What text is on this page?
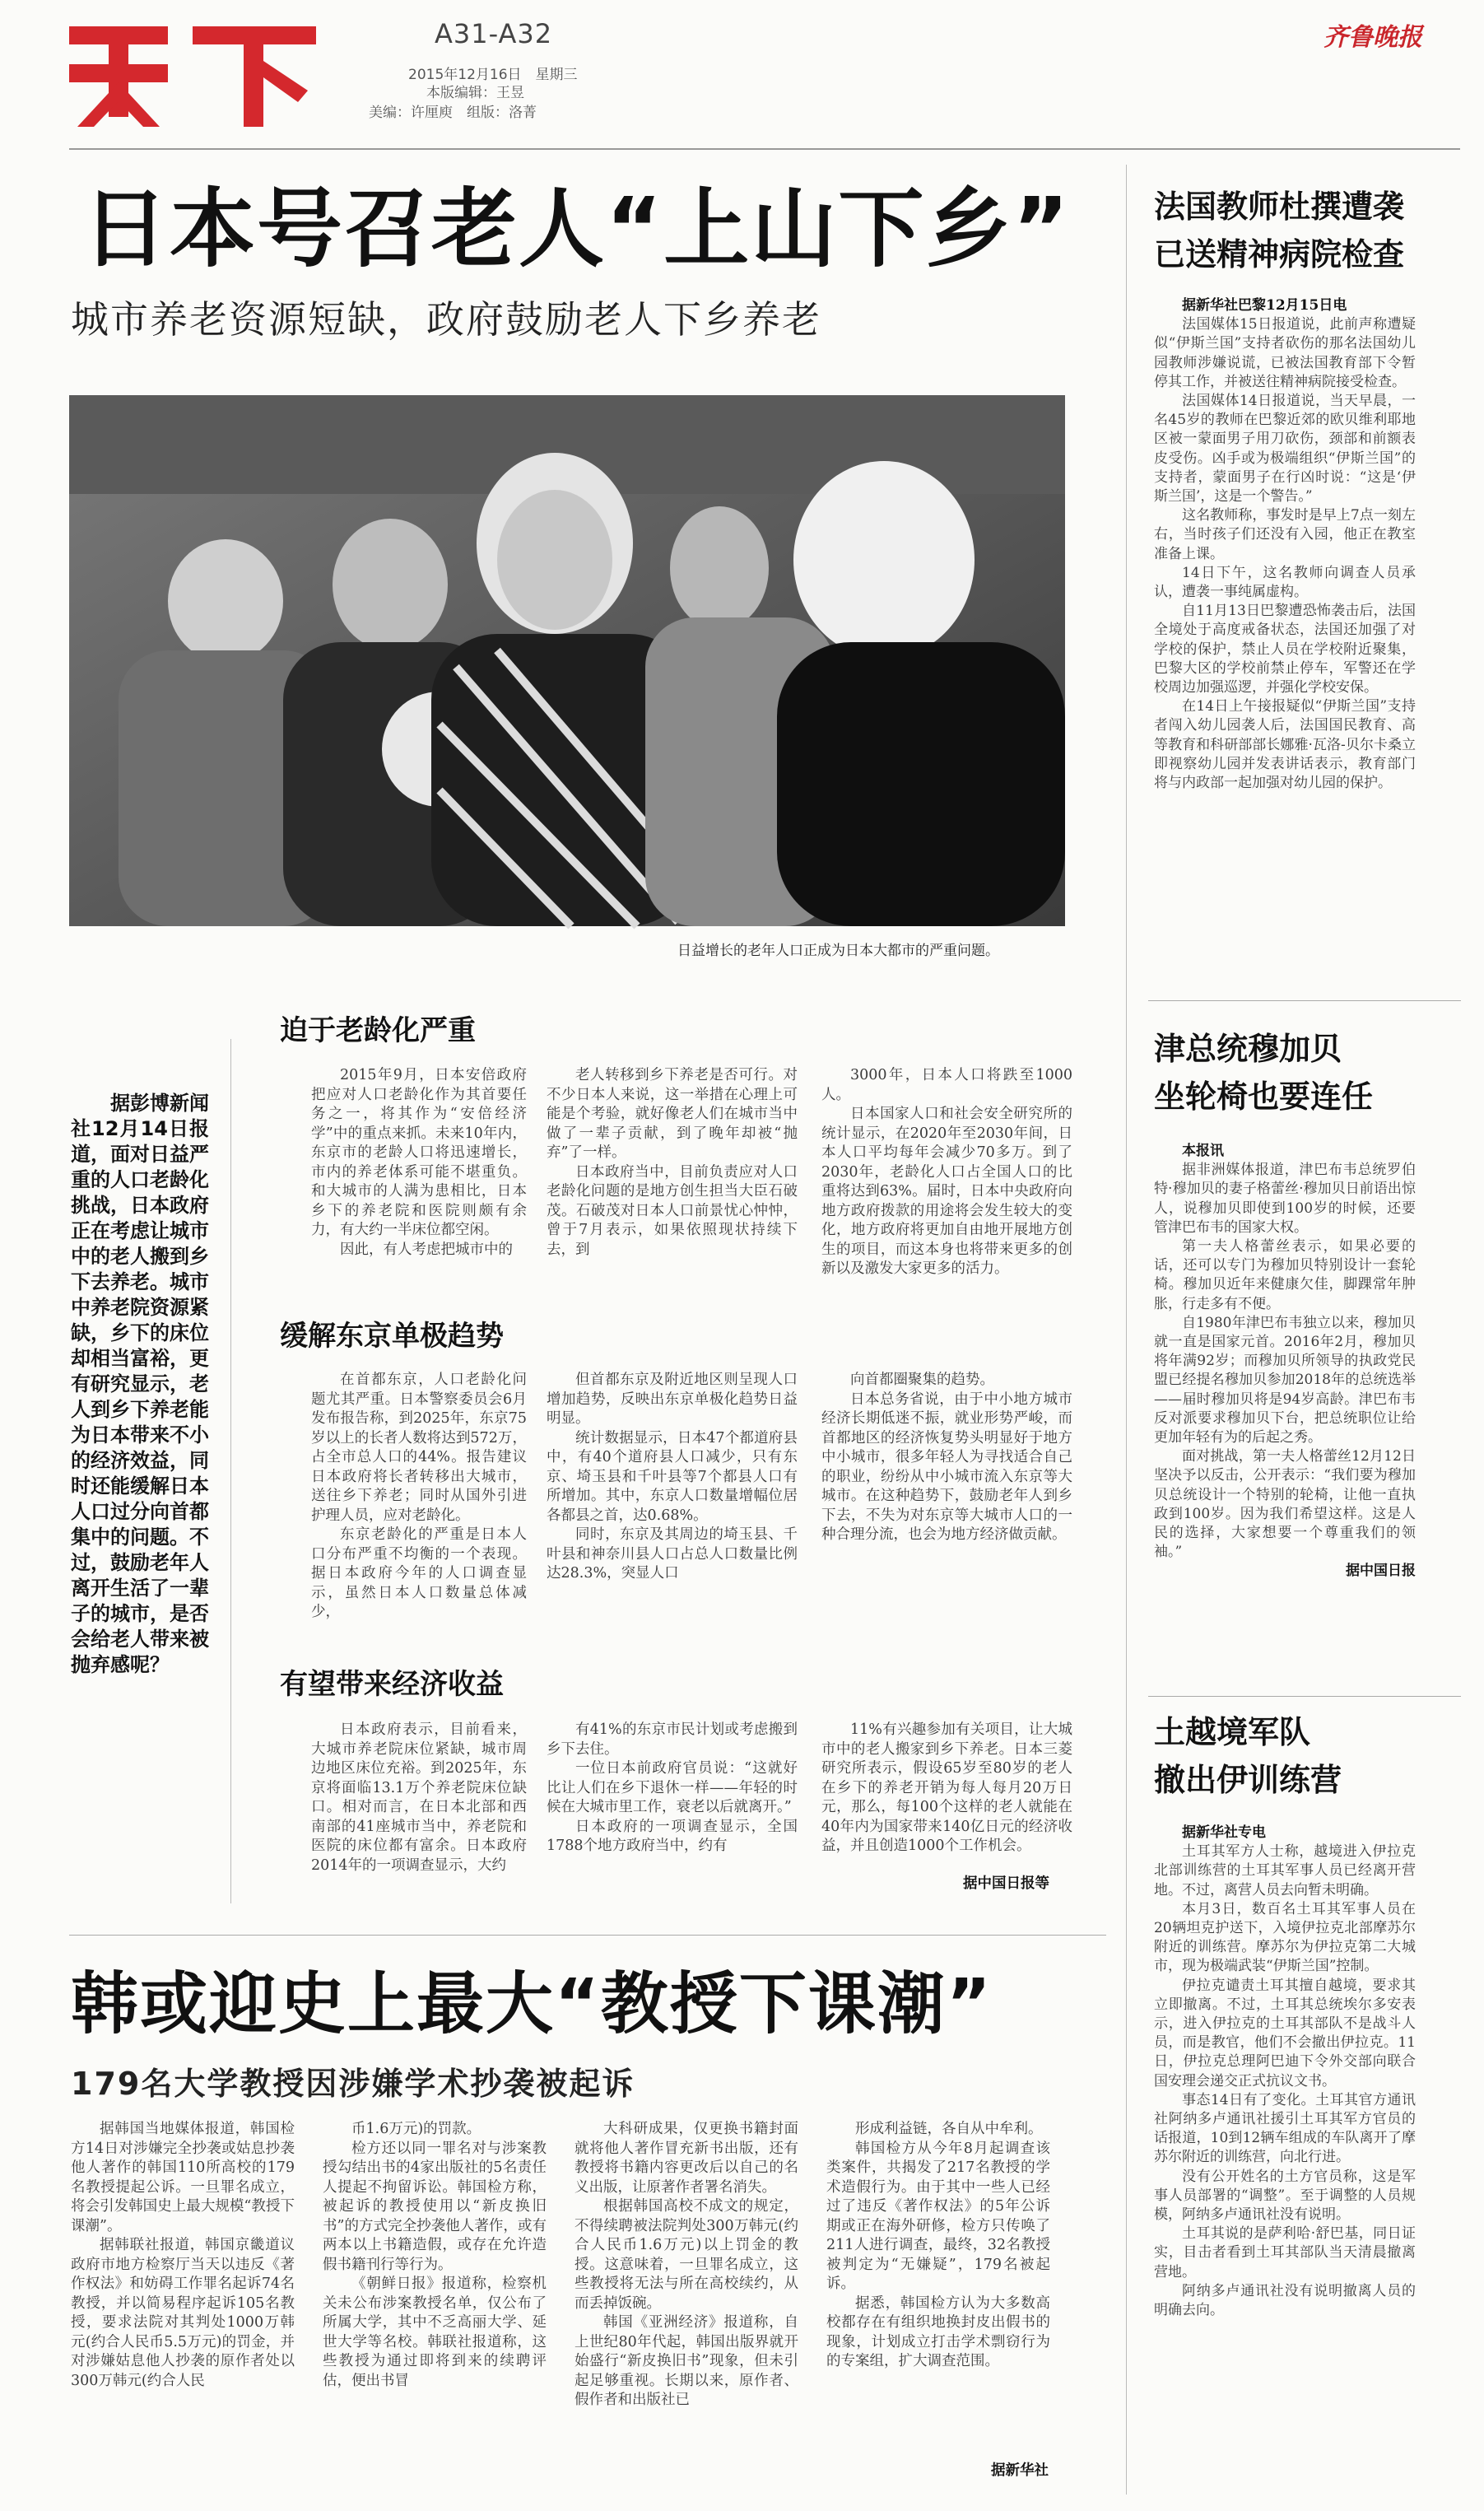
A31-A32
2015年12月16日　星期三
本版编辑：王昱
美编：许厘庾　组版：洛菁
齐鲁晚报
日本号召老人“上山下乡”
城市养老资源短缺，政府鼓励老人下乡养老
日益增长的老年人口正成为日本大都市的严重问题。

据彭博新闻社12月14日报道，面对日益严重的人口老龄化挑战，日本政府正在考虑让城市中的老人搬到乡下去养老。城市中养老院资源紧缺，乡下的床位却相当富裕，更有研究显示，老人到乡下养老能为日本带来不小的经济效益，同时还能缓解日本人口过分向首都集中的问题。不过，鼓励老年人离开生活了一辈子的城市，是否会给老人带来被抛弃感呢？

迫于老龄化严重

2015年9月，日本安倍政府把应对人口老龄化作为其首要任务之一，将其作为“安倍经济学”中的重点来抓。未来10年内，东京市的老龄人口将迅速增长，市内的养老体系可能不堪重负。和大城市的人满为患相比，日本乡下的养老院和医院则颇有余力，有大约一半床位都空闲。

因此，有人考虑把城市中的

老人转移到乡下养老是否可行。对不少日本人来说，这一举措在心理上可能是个考验，就好像老人们在城市当中做了一辈子贡献，到了晚年却被“抛弃”了一样。

日本政府当中，目前负责应对人口老龄化问题的是地方创生担当大臣石破茂。石破茂对日本人口前景忧心忡忡，曾于7月表示，如果依照现状持续下去，到

3000年，日本人口将跌至1000人。

日本国家人口和社会安全研究所的统计显示，在2020年至2030年间，日本人口平均每年会减少70多万。到了2030年，老龄化人口占全国人口的比重将达到63%。届时，日本中央政府向地方政府拨款的用途将会发生较大的变化，地方政府将更加自由地开展地方创生的项目，而这本身也将带来更多的创新以及激发大家更多的活力。

缓解东京单极趋势

在首都东京，人口老龄化问题尤其严重。日本警察委员会6月发布报告称，到2025年，东京75岁以上的长者人数将达到572万，占全市总人口的44%。报告建议日本政府将长者转移出大城市，送往乡下养老；同时从国外引进护理人员，应对老龄化。

东京老龄化的严重是日本人口分布严重不均衡的一个表现。据日本政府今年的人口调查显示，虽然日本人口数量总体减少，

但首都东京及附近地区则呈现人口增加趋势，反映出东京单极化趋势日益明显。

统计数据显示，日本47个都道府县中，有40个道府县人口减少，只有东京、埼玉县和千叶县等7个都县人口有所增加。其中，东京人口数量增幅位居各都县之首，达0.68%。

同时，东京及其周边的埼玉县、千叶县和神奈川县人口占总人口数量比例达28.3%，突显人口

向首都圈聚集的趋势。

日本总务省说，由于中小地方城市经济长期低迷不振，就业形势严峻，而首都地区的经济恢复势头明显好于地方中小城市，很多年轻人为寻找适合自己的职业，纷纷从中小城市流入东京等大城市。在这种趋势下，鼓励老年人到乡下去，不失为对东京等大城市人口的一种合理分流，也会为地方经济做贡献。

有望带来经济收益

日本政府表示，目前看来，大城市养老院床位紧缺，城市周边地区床位充裕。到2025年，东京将面临13.1万个养老院床位缺口。相对而言，在日本北部和西南部的41座城市当中，养老院和医院的床位都有富余。日本政府2014年的一项调查显示，大约

有41%的东京市民计划或考虑搬到乡下去住。

一位日本前政府官员说：“这就好比让人们在乡下退休一样——年轻的时候在大城市里工作，衰老以后就离开。”

日本政府的一项调查显示，全国1788个地方政府当中，约有

11%有兴趣参加有关项目，让大城市中的老人搬家到乡下养老。日本三菱研究所表示，假设65岁至80岁的老人在乡下的养老开销为每人每月20万日元，那么，每100个这样的老人就能在40年内为国家带来140亿日元的经济收益，并且创造1000个工作机会。

据中国日报等
韩或迎史上最大“教授下课潮”
179名大学教授因涉嫌学术抄袭被起诉

据韩国当地媒体报道，韩国检方14日对涉嫌完全抄袭或姑息抄袭他人著作的韩国110所高校的179名教授提起公诉。一旦罪名成立，将会引发韩国史上最大规模“教授下课潮”。

据韩联社报道，韩国京畿道议政府市地方检察厅当天以违反《著作权法》和妨碍工作罪名起诉74名教授，并以简易程序起诉105名教授，要求法院对其判处1000万韩元(约合人民币5.5万元)的罚金，并对涉嫌姑息他人抄袭的原作者处以300万韩元(约合人民

币1.6万元)的罚款。

检方还以同一罪名对与涉案教授勾结出书的4家出版社的5名责任人提起不拘留诉讼。韩国检方称，被起诉的教授使用以“新皮换旧书”的方式完全抄袭他人著作，或有两本以上书籍造假，或存在允许造假书籍刊行等行为。

《朝鲜日报》报道称，检察机关未公布涉案教授名单，仅公布了所属大学，其中不乏高丽大学、延世大学等名校。韩联社报道称，这些教授为通过即将到来的续聘评估，便出书冒

大科研成果，仅更换书籍封面就将他人著作冒充新书出版，还有教授将书籍内容更改后以自己的名义出版，让原著作者署名消失。

根据韩国高校不成文的规定，不得续聘被法院判处300万韩元(约合人民币1.6万元)以上罚金的教授。这意味着，一旦罪名成立，这些教授将无法与所在高校续约，从而丢掉饭碗。

韩国《亚洲经济》报道称，自上世纪80年代起，韩国出版界就开始盛行“新皮换旧书”现象，但未引起足够重视。长期以来，原作者、假作者和出版社已

形成利益链，各自从中牟利。

韩国检方从今年8月起调查该类案件，共揭发了217名教授的学术造假行为。由于其中一些人已经过了违反《著作权法》的5年公诉期或正在海外研修，检方只传唤了211人进行调查，最终，32名教授被判定为“无嫌疑”，179名被起诉。

据悉，韩国检方认为大多数高校都存在有组织地换封皮出假书的现象，计划成立打击学术剽窃行为的专案组，扩大调查范围。

据新华社
法国教师杜撰遭袭
已送精神病院检查

据新华社巴黎12月15日电

法国媒体15日报道说，此前声称遭疑似“伊斯兰国”支持者砍伤的那名法国幼儿园教师涉嫌说谎，已被法国教育部下令暂停其工作，并被送往精神病院接受检查。

法国媒体14日报道说，当天早晨，一名45岁的教师在巴黎近郊的欧贝维利耶地区被一蒙面男子用刀砍伤，颈部和前额表皮受伤。凶手或为极端组织“伊斯兰国”的支持者，蒙面男子在行凶时说：“这是‘伊斯兰国’，这是一个警告。”

这名教师称，事发时是早上7点一刻左右，当时孩子们还没有入园，他正在教室准备上课。

14日下午，这名教师向调查人员承认，遭袭一事纯属虚构。

自11月13日巴黎遭恐怖袭击后，法国全境处于高度戒备状态，法国还加强了对学校的保护，禁止人员在学校附近聚集，巴黎大区的学校前禁止停车，军警还在学校周边加强巡逻，并强化学校安保。

在14日上午接报疑似“伊斯兰国”支持者闯入幼儿园袭人后，法国国民教育、高等教育和科研部部长娜雅·瓦洛-贝尔卡桑立即视察幼儿园并发表讲话表示，教育部门将与内政部一起加强对幼儿园的保护。

津总统穆加贝
坐轮椅也要连任

本报讯

据非洲媒体报道，津巴布韦总统罗伯特·穆加贝的妻子格蕾丝·穆加贝日前语出惊人，说穆加贝即使到100岁的时候，还要管津巴布韦的国家大权。

第一夫人格蕾丝表示，如果必要的话，还可以专门为穆加贝特别设计一套轮椅。穆加贝近年来健康欠佳，脚踝常年肿胀，行走多有不便。

自1980年津巴布韦独立以来，穆加贝就一直是国家元首。2016年2月，穆加贝将年满92岁；而穆加贝所领导的执政党民盟已经提名穆加贝参加2018年的总统选举——届时穆加贝将是94岁高龄。津巴布韦反对派要求穆加贝下台，把总统职位让给更加年轻有为的后起之秀。

面对挑战，第一夫人格蕾丝12月12日坚决予以反击，公开表示：“我们要为穆加贝总统设计一个特别的轮椅，让他一直执政到100岁。因为我们希望这样。这是人民的选择，大家想要一个尊重我们的领袖。”

据中国日报

土越境军队
撤出伊训练营

据新华社专电

土耳其军方人士称，越境进入伊拉克北部训练营的土耳其军事人员已经离开营地。不过，离营人员去向暂未明确。

本月3日，数百名土耳其军事人员在20辆坦克护送下，入境伊拉克北部摩苏尔附近的训练营。摩苏尔为伊拉克第二大城市，现为极端武装“伊斯兰国”控制。

伊拉克谴责土耳其擅自越境，要求其立即撤离。不过，土耳其总统埃尔多安表示，进入伊拉克的土耳其部队不是战斗人员，而是教官，他们不会撤出伊拉克。11日，伊拉克总理阿巴迪下令外交部向联合国安理会递交正式抗议文书。

事态14日有了变化。土耳其官方通讯社阿纳多卢通讯社援引土耳其军方官员的话报道，10到12辆车组成的车队离开了摩苏尔附近的训练营，向北行进。

没有公开姓名的土方官员称，这是军事人员部署的“调整”。至于调整的人员规模，阿纳多卢通讯社没有说明。

土耳其说的是萨利哈·舒巴基，同日证实，目击者看到土耳其部队当天清晨撤离营地。

阿纳多卢通讯社没有说明撤离人员的明确去向。
